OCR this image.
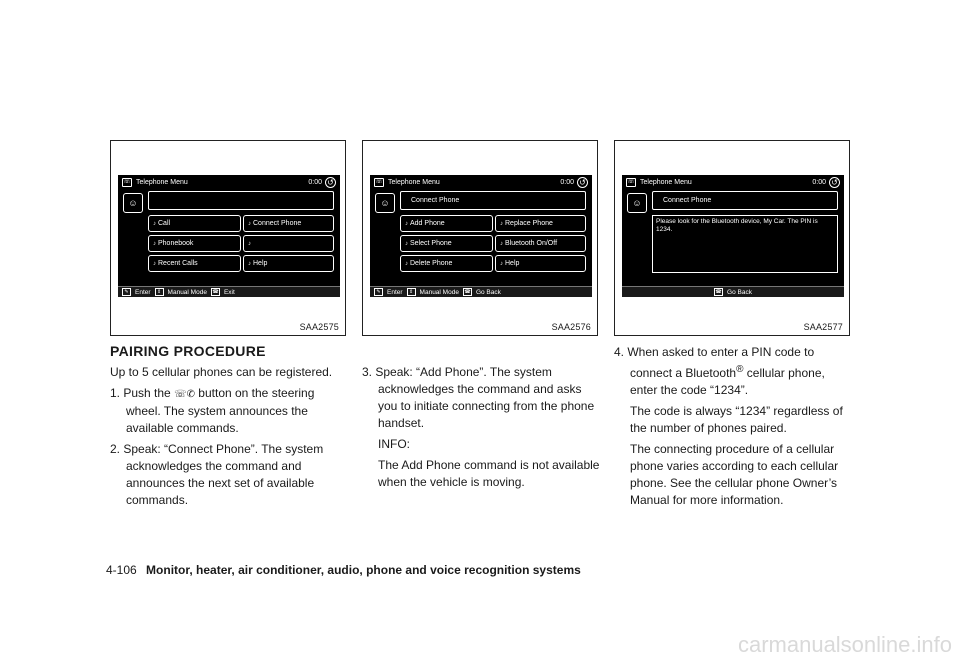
☏ Telephone Menu	0:00 ↺
☺
♪ Call	♪ Connect Phone
♪ Phonebook	♪
♪ Recent Calls	♪ Help
✎ Enter	⇕ Manual Mode ☎ Exit
SAA2575
☏ Telephone Menu	0:00 ↺
☺	Connect Phone
♪ Add Phone	♪ Replace Phone
♪ Select Phone	♪ Bluetooth On/Off
♪ Delete Phone	♪ Help
✎ Enter	⇕ Manual Mode ☎ Go Back
SAA2576
☏ Telephone Menu	0:00 ↺
☺	Connect Phone
Please look for the Bluetooth device, My Car. The PIN is 1234.
☎ Go Back
SAA2577
PAIRING PROCEDURE

Up to 5 cellular phones can be registered.

1. Push the ☏✆ button on the steering wheel. The system announces the available commands.

2. Speak: “Connect Phone”. The system acknowledges the command and announces the next set of available commands.

3. Speak: “Add Phone”. The system acknowledges the command and asks you to initiate connecting from the phone handset.

INFO:

The Add Phone command is not available when the vehicle is moving.

4. When asked to enter a PIN code to connect a Bluetooth® cellular phone, enter the code “1234”.

The code is always “1234” regardless of the number of phones paired.

The connecting procedure of a cellular phone varies according to each cellular phone. See the cellular phone Owner’s Manual for more information.

4-106 Monitor, heater, air conditioner, audio, phone and voice recognition systems
carmanualsonline.info
